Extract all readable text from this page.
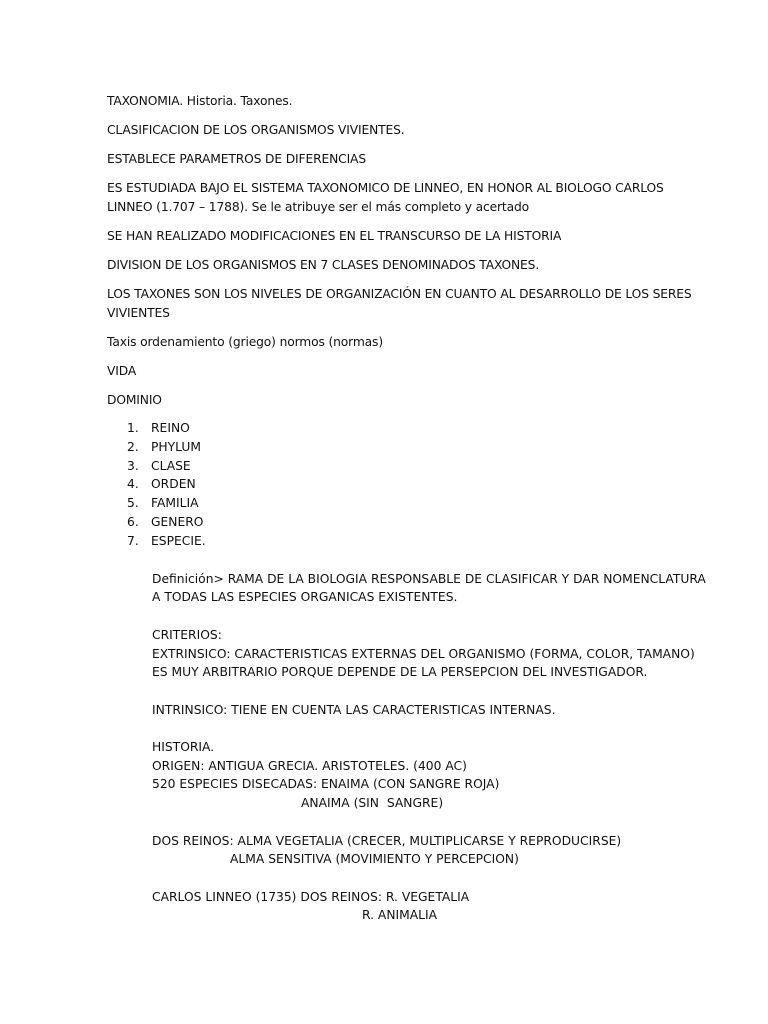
TAXONOMIA. Historia. Taxones.
CLASIFICACION DE LOS ORGANISMOS VIVIENTES.
ESTABLECE PARAMETROS DE DIFERENCIAS
ES ESTUDIADA BAJO EL SISTEMA TAXONOMICO DE LINNEO, EN HONOR AL BIOLOGO CARLOS
LINNEO (1.707 – 1788). Se le atribuye ser el más completo y acertado
SE HAN REALIZADO MODIFICACIONES EN EL TRANSCURSO DE LA HISTORIA
DIVISION DE LOS ORGANISMOS EN 7 CLASES DENOMINADOS TAXONES.
LOS TAXONES SON LOS NIVELES DE ORGANIZACIÓN EN CUANTO AL DESARROLLO DE LOS SERES
VIVIENTES
Taxis ordenamiento (griego) normos (normas)
VIDA
DOMINIO
1. REINO
2. PHYLUM
3. CLASE
4. ORDEN
5. FAMILIA
6. GENERO
7. ESPECIE.
Definición> RAMA DE LA BIOLOGIA RESPONSABLE DE CLASIFICAR Y DAR NOMENCLATURA
A TODAS LAS ESPECIES ORGANICAS EXISTENTES.
CRITERIOS:
EXTRINSICO: CARACTERISTICAS EXTERNAS DEL ORGANISMO (FORMA, COLOR, TAMANO)
ES MUY ARBITRARIO PORQUE DEPENDE DE LA PERSEPCION DEL INVESTIGADOR.
INTRINSICO: TIENE EN CUENTA LAS CARACTERISTICAS INTERNAS.
HISTORIA.
ORIGEN: ANTIGUA GRECIA. ARISTOTELES. (400 AC)
520 ESPECIES DISECADAS: ENAIMA (CON SANGRE ROJA)
ANAIMA (SIN  SANGRE)
DOS REINOS: ALMA VEGETALIA (CRECER, MULTIPLICARSE Y REPRODUCIRSE)
ALMA SENSITIVA (MOVIMIENTO Y PERCEPCION)
CARLOS LINNEO (1735) DOS REINOS: R. VEGETALIA
R. ANIMALIA
